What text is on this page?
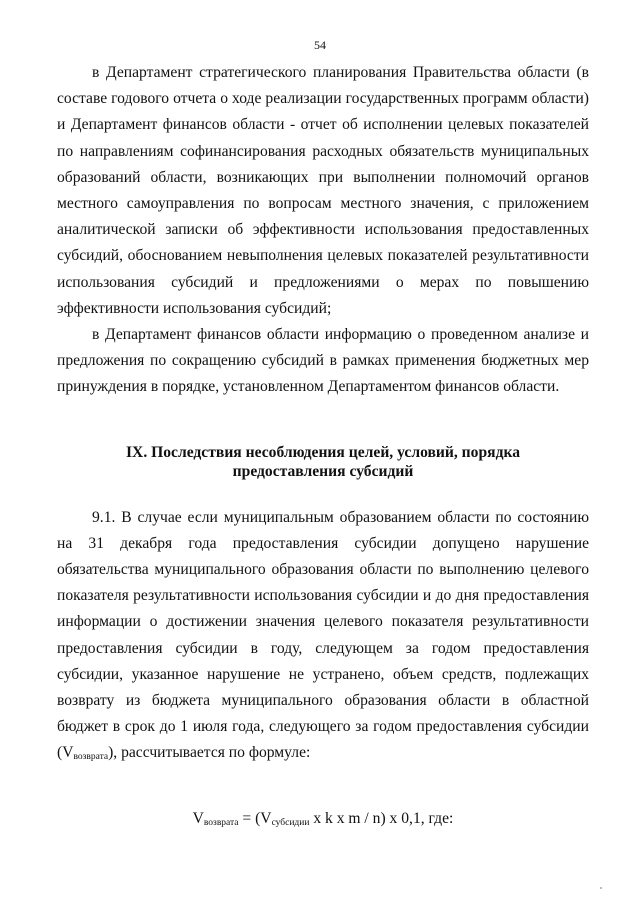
54

в Департамент стратегического планирования Правительства области (в составе годового отчета о ходе реализации государственных программ области) и Департамент финансов области - отчет об исполнении целевых показателей по направлениям софинансирования расходных обязательств муниципальных образований области, возникающих при выполнении полномочий органов местного самоуправления по вопросам местного значения, с приложением аналитической записки об эффективности использования предоставленных субсидий, обоснованием невыполнения целевых показателей результативности использования субсидий и предложениями о мерах по повышению эффективности использования субсидий;

в Департамент финансов области информацию о проведенном анализе и предложения по сокращению субсидий в рамках применения бюджетных мер принуждения в порядке, установленном Департаментом финансов области.

IX. Последствия несоблюдения целей, условий, порядка
предоставления субсидий

9.1. В случае если муниципальным образованием области по состоянию на 31 декабря года предоставления субсидии допущено нарушение обязательства муниципального образования области по выполнению целевого показателя результативности использования субсидии и до дня предоставления информации о достижении значения целевого показателя результативности предоставления субсидии в году, следующем за годом предоставления субсидии, указанное нарушение не устранено, объем средств, подлежащих возврату из бюджета муниципального образования области в областной бюджет в срок до 1 июля года, следующего за годом предоставления субсидии $(V_{возврата})$, рассчитывается по формуле:

$V_{возврата} = (V_{субсидии}$ x k x m / n) x 0,1, где:
